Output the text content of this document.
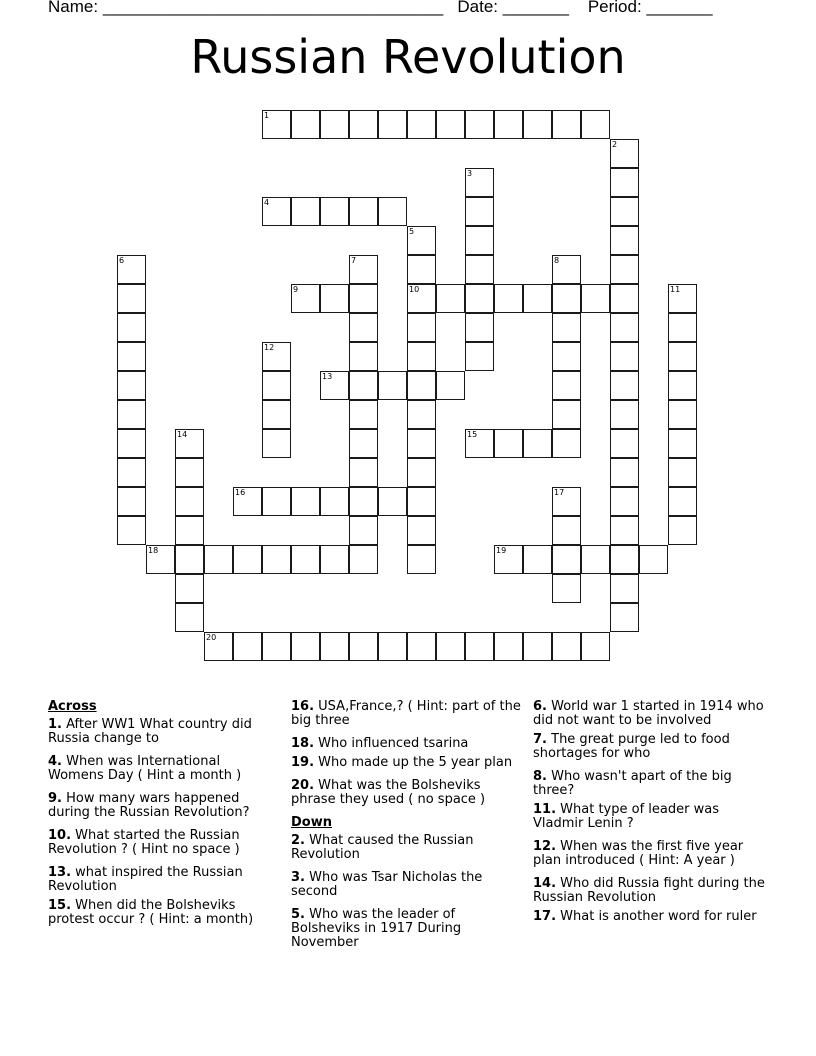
Name: ____________________________________ Date: _______ Period: _______
Russian Revolution
1
2
3
4
5
10
6	7	8
9	11
12
13
14	15
16	17
18	19
20
Across
1. After WW1 What country did Russia change to
4. When was International Womens Day ( Hint a month )
9. How many wars happened during the Russian Revolution?
10. What started the Russian Revolution ? ( Hint no space )
13. what inspired the Russian Revolution
15. When did the Bolsheviks protest occur ? ( Hint: a month)
16. USA,France,? ( Hint: part of the big three
18. Who influenced tsarina
19. Who made up the 5 year plan
20. What was the Bolsheviks phrase they used ( no space )
Down
2. What caused the Russian Revolution
3. Who was Tsar Nicholas the second
5. Who was the leader of Bolsheviks in 1917 During November
6. World war 1 started in 1914 who did not want to be involved
7. The great purge led to food shortages for who
8. Who wasn't apart of the big three?
11. What type of leader was Vladmir Lenin ?
12. When was the first five year plan introduced ( Hint: A year )
14. Who did Russia fight during the Russian Revolution
17. What is another word for ruler
